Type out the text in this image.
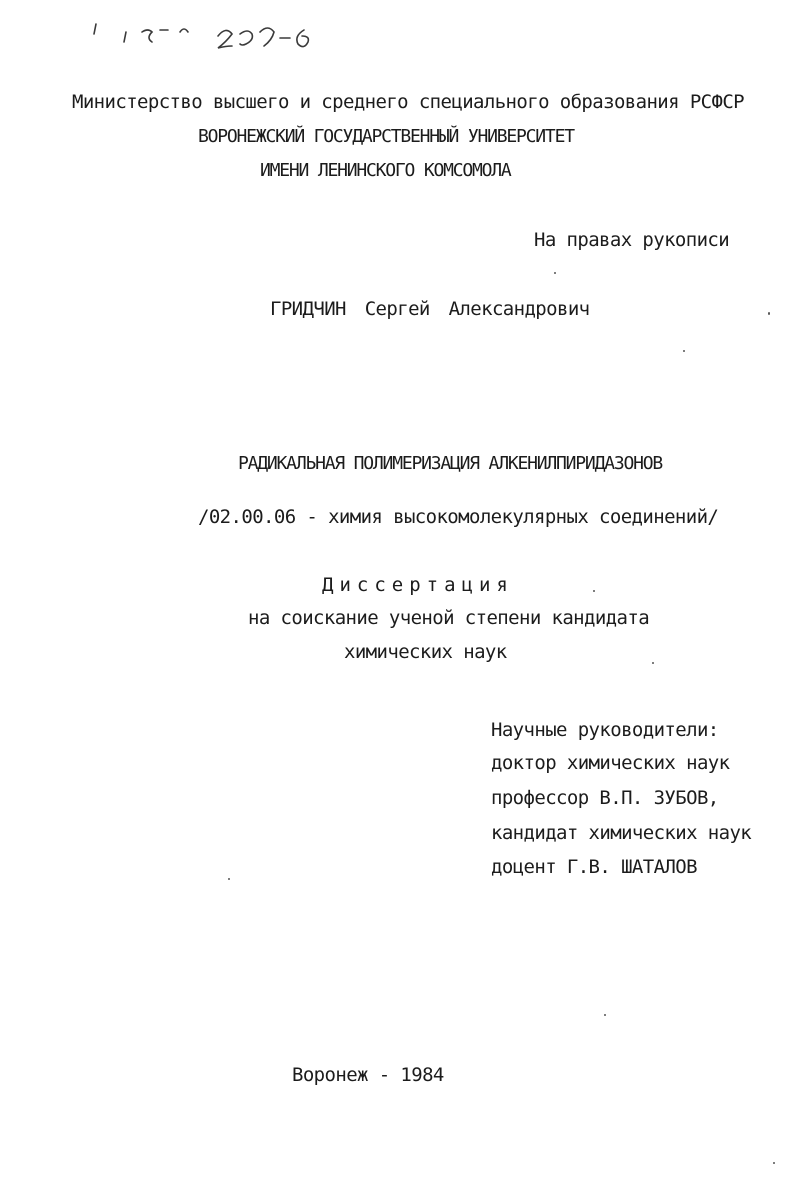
Министерство высшего и среднего специального образования РСФСР
ВОРОНЕЖСКИЙ ГОСУДАРСТВЕННЫЙ УНИВЕРСИТЕТ
ИМЕНИ ЛЕНИНСКОГО КОМСОМОЛА
На правах рукописи
ГРИДЧИН Сергей Александрович
РАДИКАЛЬНАЯ ПОЛИМЕРИЗАЦИЯ АЛКЕНИЛПИРИДАЗОНОВ
/02.00.06 - химия высокомолекулярных соединений/
Диссертация
на соискание ученой степени кандидата
химических наук
Научные руководители:
доктор химических наук
профессор В.П. ЗУБОВ,
кандидат химических наук
доцент Г.В. ШАТАЛОВ
Воронеж - 1984
